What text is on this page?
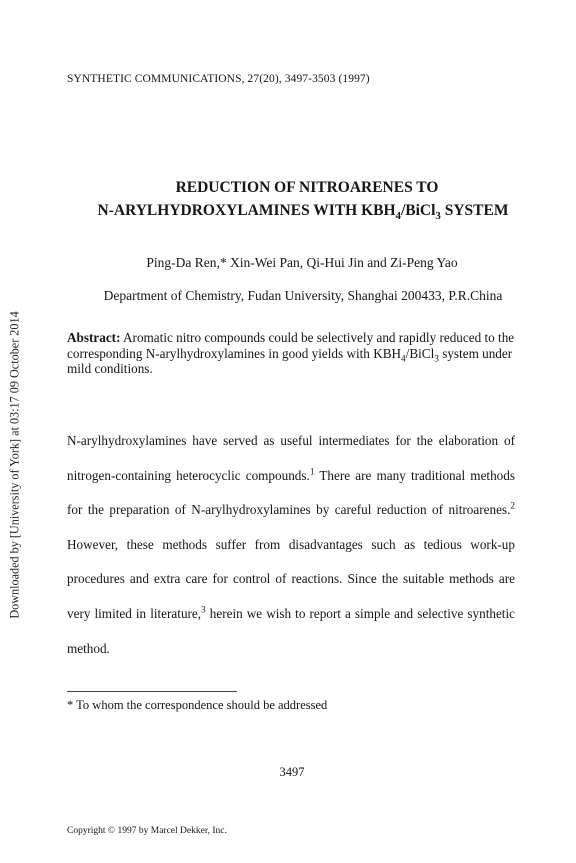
SYNTHETIC COMMUNICATIONS, 27(20), 3497-3503 (1997)
REDUCTION OF NITROARENES TO
N-ARYLHYDROXYLAMINES WITH $KBH_4/BiCl_3$ SYSTEM
Ping-Da Ren,* Xin-Wei Pan, Qi-Hui Jin and Zi-Peng Yao
Department of Chemistry, Fudan University, Shanghai 200433, P.R.China
Abstract: Aromatic nitro compounds could be selectively and rapidly reduced to the corresponding N-arylhydroxylamines in good yields with $KBH_4/BiCl_3$ system under mild conditions.
N-arylhydroxylamines have served as useful intermediates for the elaboration of nitrogen-containing heterocyclic compounds.$^1$ There are many traditional methods for the preparation of N-arylhydroxylamines by careful reduction of nitroarenes.$^2$ However, these methods suffer from disadvantages such as tedious work-up procedures and extra care for control of reactions. Since the suitable methods are very limited in literature,$^3$ herein we wish to report a simple and selective synthetic method.
* To whom the correspondence should be addressed
3497
Copyright © 1997 by Marcel Dekker, Inc.
Downloaded by [University of York] at 03:17 09 October 2014
